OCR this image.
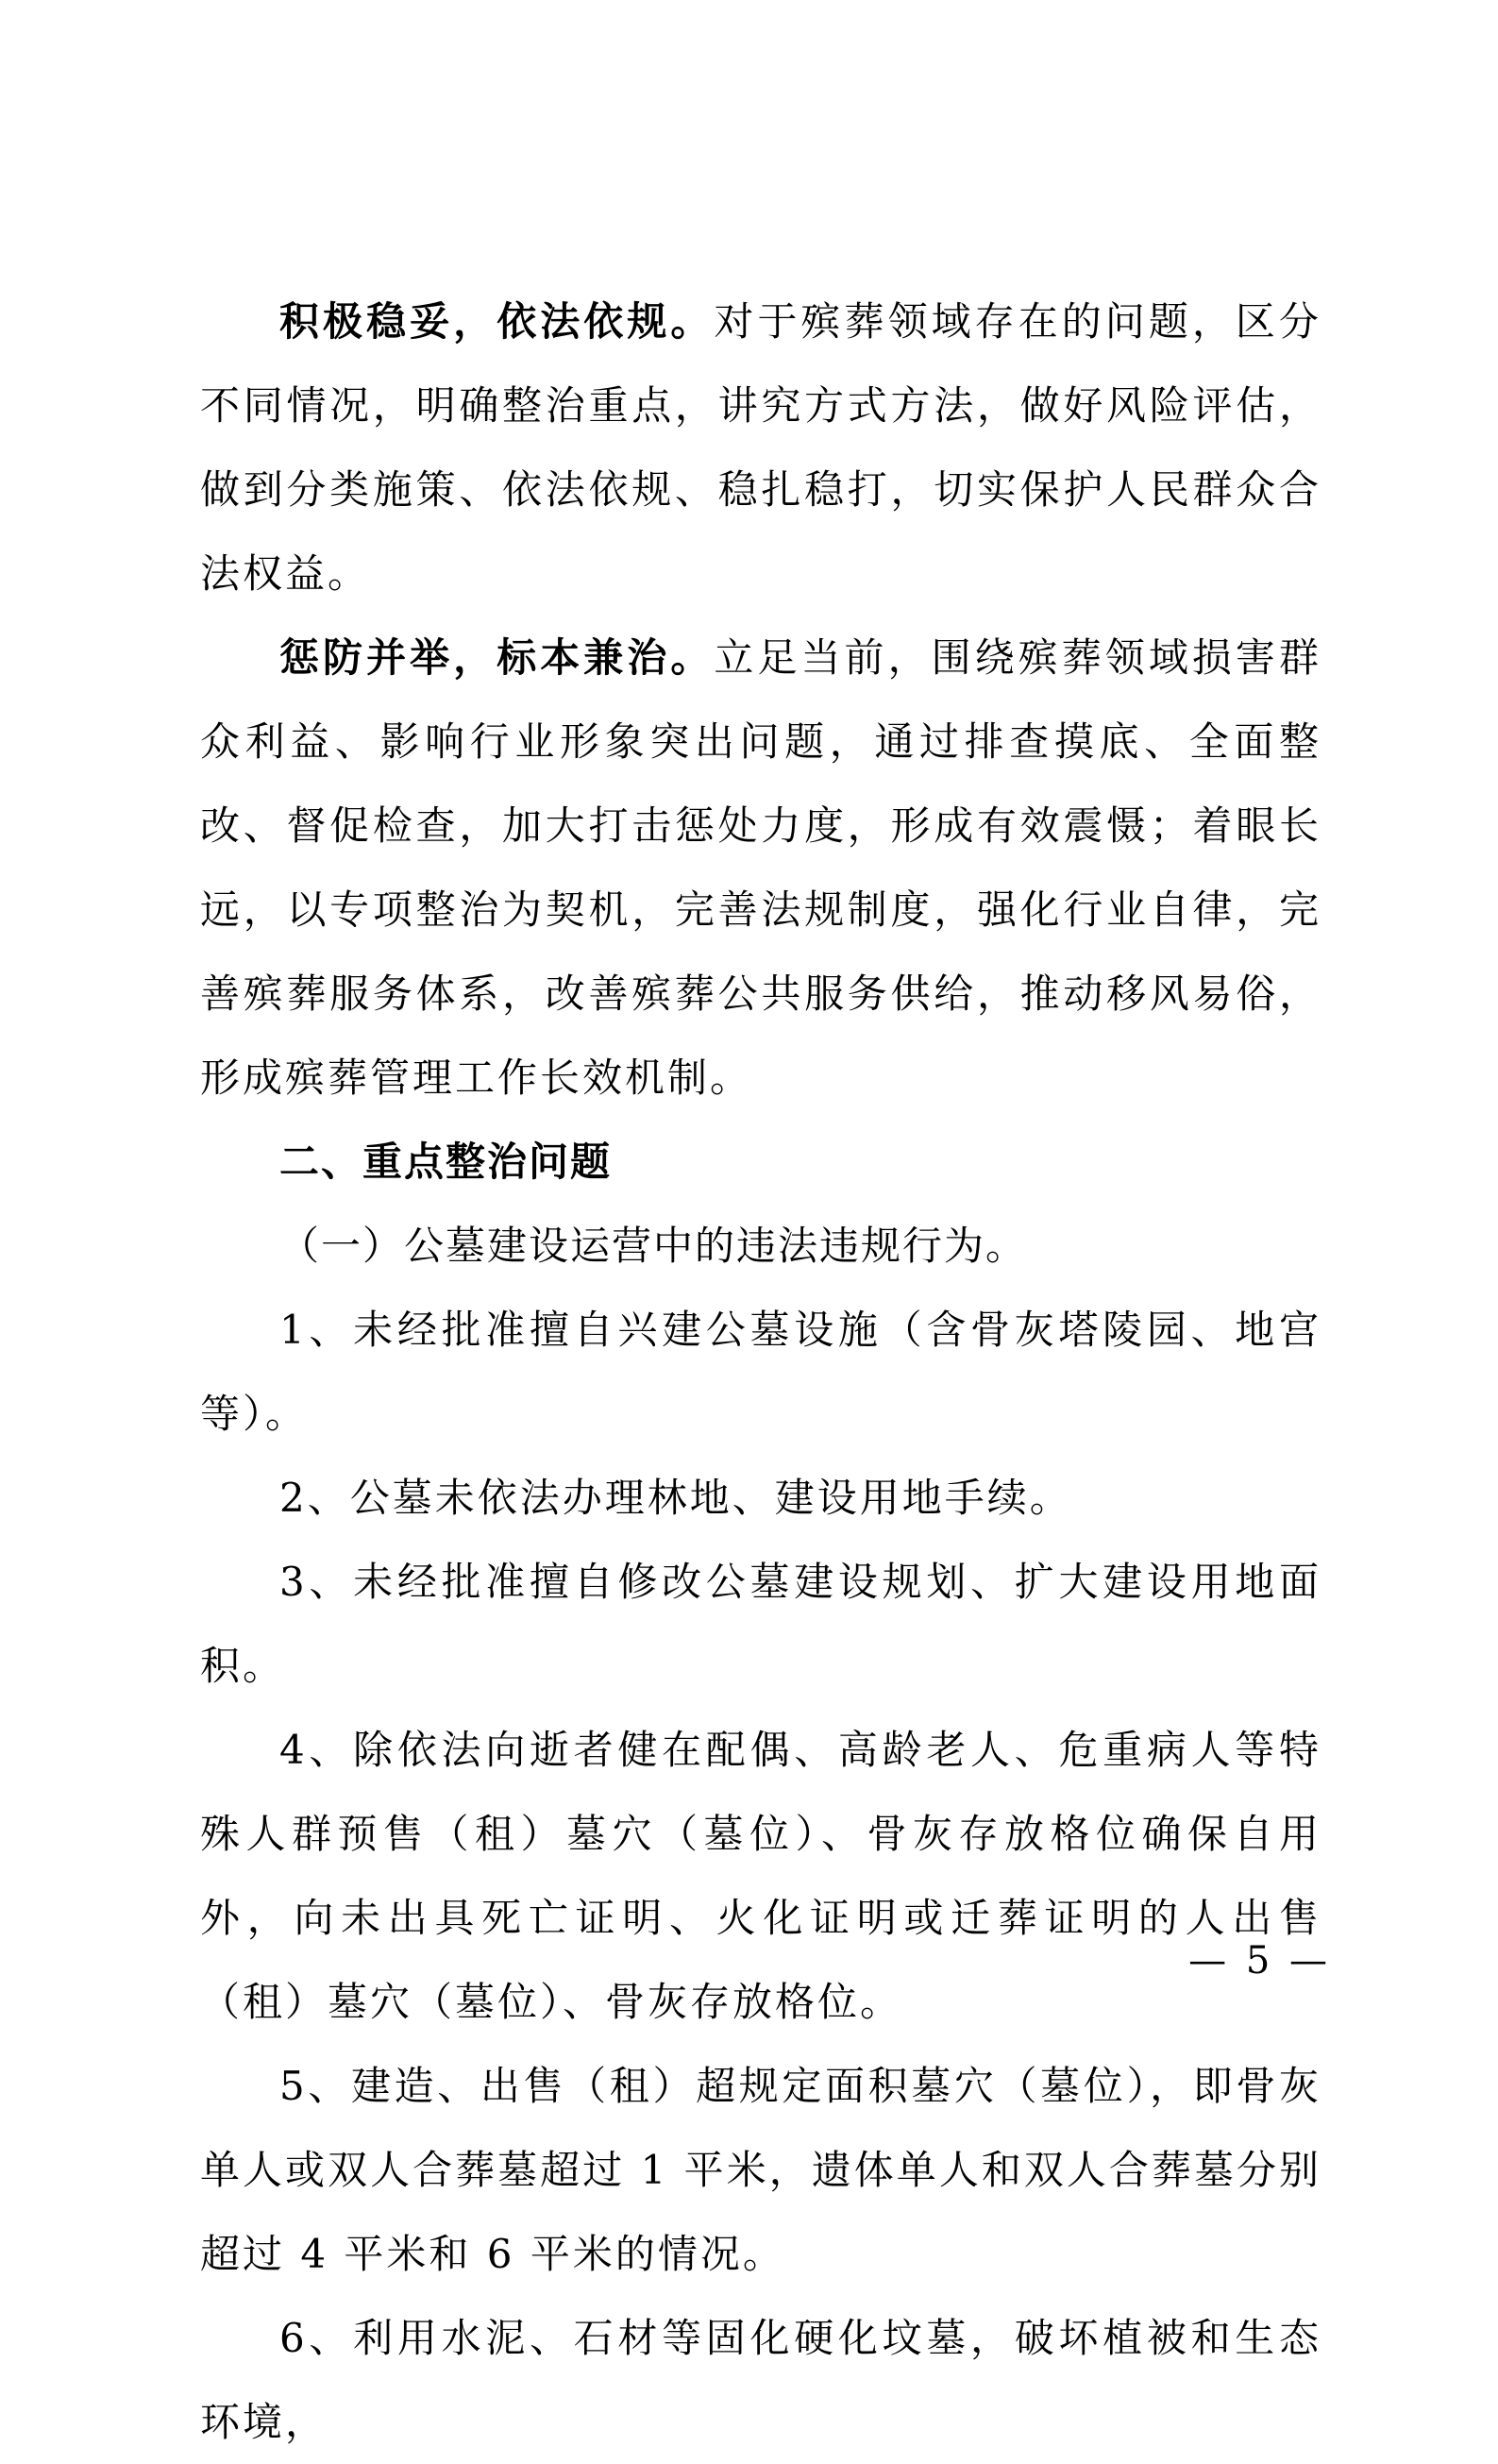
积极稳妥，依法依规。对于殡葬领域存在的问题，区分不同情况，明确整治重点，讲究方式方法，做好风险评估，做到分类施策、依法依规、稳扎稳打，切实保护人民群众合法权益。

惩防并举，标本兼治。立足当前，围绕殡葬领域损害群众利益、影响行业形象突出问题，通过排查摸底、全面整改、督促检查，加大打击惩处力度，形成有效震慑；着眼长远，以专项整治为契机，完善法规制度，强化行业自律，完善殡葬服务体系，改善殡葬公共服务供给，推动移风易俗，形成殡葬管理工作长效机制。

二、重点整治问题

（一）公墓建设运营中的违法违规行为。

1、未经批准擅自兴建公墓设施（含骨灰塔陵园、地宫等）。

2、公墓未依法办理林地、建设用地手续。

3、未经批准擅自修改公墓建设规划、扩大建设用地面积。

4、除依法向逝者健在配偶、高龄老人、危重病人等特殊人群预售（租）墓穴（墓位）、骨灰存放格位确保自用外，向未出具死亡证明、火化证明或迁葬证明的人出售（租）墓穴（墓位）、骨灰存放格位。

5、建造、出售（租）超规定面积墓穴（墓位），即骨灰单人或双人合葬墓超过 1 平米，遗体单人和双人合葬墓分别超过 4 平米和 6 平米的情况。

6、利用水泥、石材等固化硬化坟墓，破坏植被和生态环境，

— 5 —
